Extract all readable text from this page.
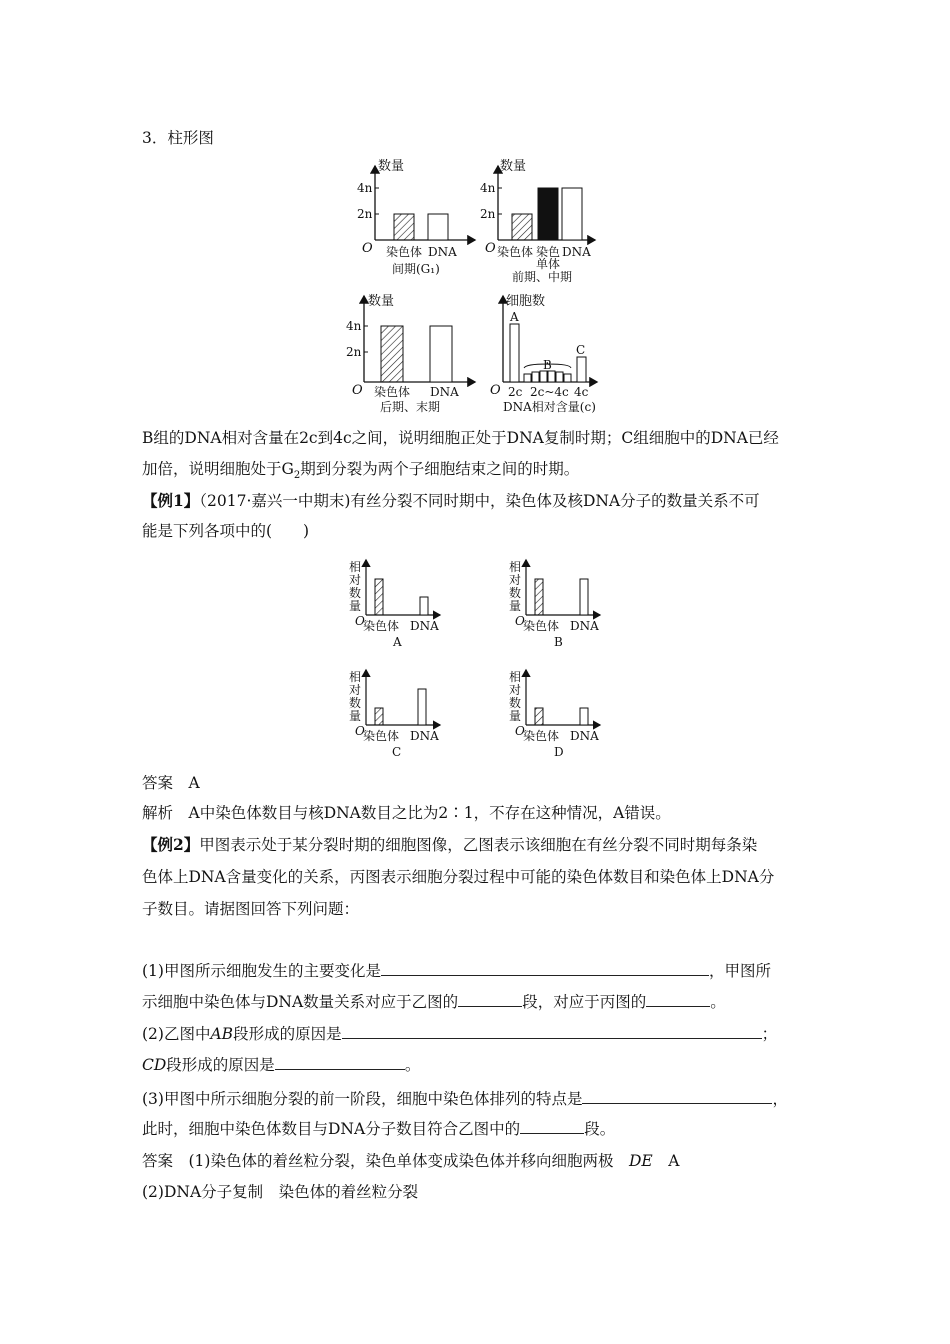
3．柱形图
数量
4n
2n
O 染色体 DNA
间期(G₁)
数量
4n
2n
O 染色体 染色 DNA
单体
前期、中期
数量
4n
2n
O 染色体 DNA
后期、末期
细胞数
O
A
B
C
2c 2c~4c 4c
DNA相对含量(c)
相
对
数
量
O
染色体 DNA
A
相
对
数
量
O
染色体 DNA
B
相
对
数
量
O
染色体 DNA
C
相
对
数
量
O
染色体 DNA
D
B组的DNA相对含量在2c到4c之间，说明细胞正处于DNA复制时期；C组细胞中的DNA已经
加倍，说明细胞处于$G_2$期到分裂为两个子细胞结束之间的时期。
【例1】（2017·嘉兴一中期末)有丝分裂不同时期中，染色体及核DNA分子的数量关系不可
能是下列各项中的(　　)
答案　A
解析　A中染色体数目与核DNA数目之比为2∶1，不存在这种情况，A错误。
【例2】甲图表示处于某分裂时期的细胞图像，乙图表示该细胞在有丝分裂不同时期每条染
色体上DNA含量变化的关系，丙图表示细胞分裂过程中可能的染色体数目和染色体上DNA分
子数目。请据图回答下列问题：
(1)甲图所示细胞发生的主要变化是	，甲图所
示细胞中染色体与DNA数量关系对应于乙图的	段，对应于丙图的	。
(2)乙图中AB段形成的原因是	；
CD段形成的原因是	。
(3)甲图中所示细胞分裂的前一阶段，细胞中染色体排列的特点是	，
此时，细胞中染色体数目与DNA分子数目符合乙图中的	段。
答案　(1)染色体的着丝粒分裂，染色单体变成染色体并移向细胞两极　DE　A
(2)DNA分子复制　染色体的着丝粒分裂
